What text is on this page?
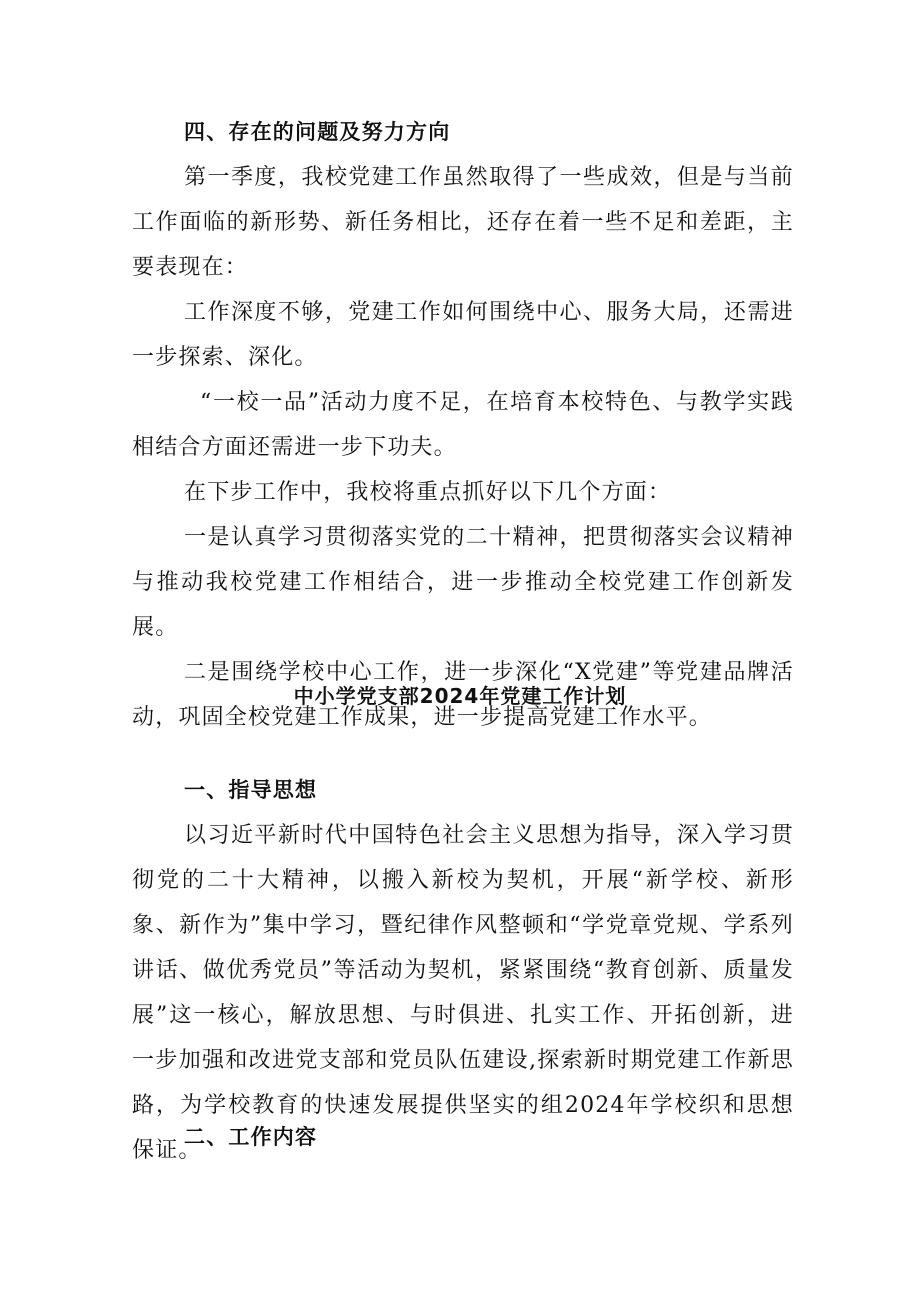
四、存在的问题及努力方向

第一季度，我校党建工作虽然取得了一些成效，但是与当前工作面临的新形势、新任务相比，还存在着一些不足和差距，主要表现在：

工作深度不够，党建工作如何围绕中心、服务大局，还需进一步探索、深化。

“一校一品”活动力度不足，在培育本校特色、与教学实践相结合方面还需进一步下功夫。

在下步工作中，我校将重点抓好以下几个方面：

一是认真学习贯彻落实党的二十精神，把贯彻落实会议精神与推动我校党建工作相结合，进一步推动全校党建工作创新发展。

二是围绕学校中心工作，进一步深化“X党建”等党建品牌活动，巩固全校党建工作成果，进一步提高党建工作水平。

中小学党支部2024年党建工作计划

一、指导思想

以习近平新时代中国特色社会主义思想为指导，深入学习贯彻党的二十大精神，以搬入新校为契机，开展“新学校、新形象、新作为”集中学习，暨纪律作风整顿和“学党章党规、学系列讲话、做优秀党员”等活动为契机，紧紧围绕“教育创新、质量发展”这一核心，解放思想、与时俱进、扎实工作、开拓创新，进一步加强和改进党支部和党员队伍建设,探索新时期党建工作新思路，为学校教育的快速发展提供坚实的组2024年学校织和思想保证。

二、工作内容
